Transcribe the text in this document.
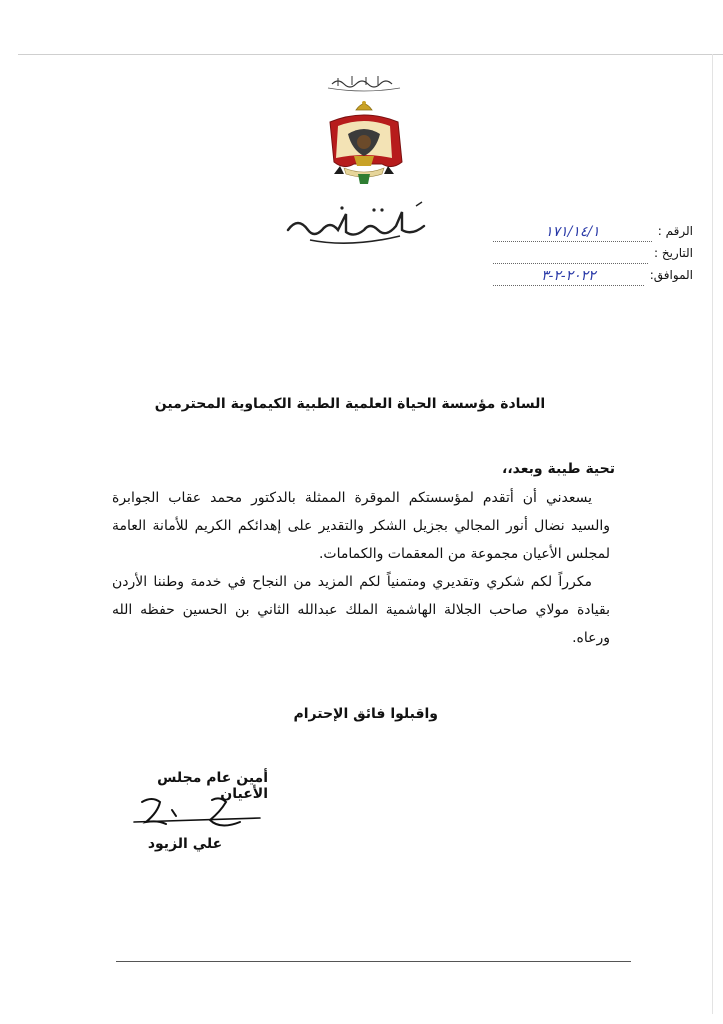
الرقم :
١٧١/١٤/١
التاريخ :
الموافق:
٢٠٢٢-٢-٣
السادة مؤسسة الحياة العلمية الطبية الكيماوية المحترمين
تحية طيبة وبعد،،

يسعدني أن أتقدم لمؤسستكم الموقرة الممثلة بالدكتور محمد عقاب الجوابرة والسيد نضال أنور المجالي بجزيل الشكر والتقدير على إهدائكم الكريم للأمانة العامة لمجلس الأعيان مجموعة من المعقمات والكمامات.

مكرراً لكم شكري وتقديري ومتمنياً لكم المزيد من النجاح في خدمة وطننا الأردن بقيادة مولاي صاحب الجلالة الهاشمية الملك عبدالله الثاني بن الحسين حفظه الله ورعاه.

واقبلوا فائق الإحترام
أمين عام مجلس الأعيان
علي الزيود
